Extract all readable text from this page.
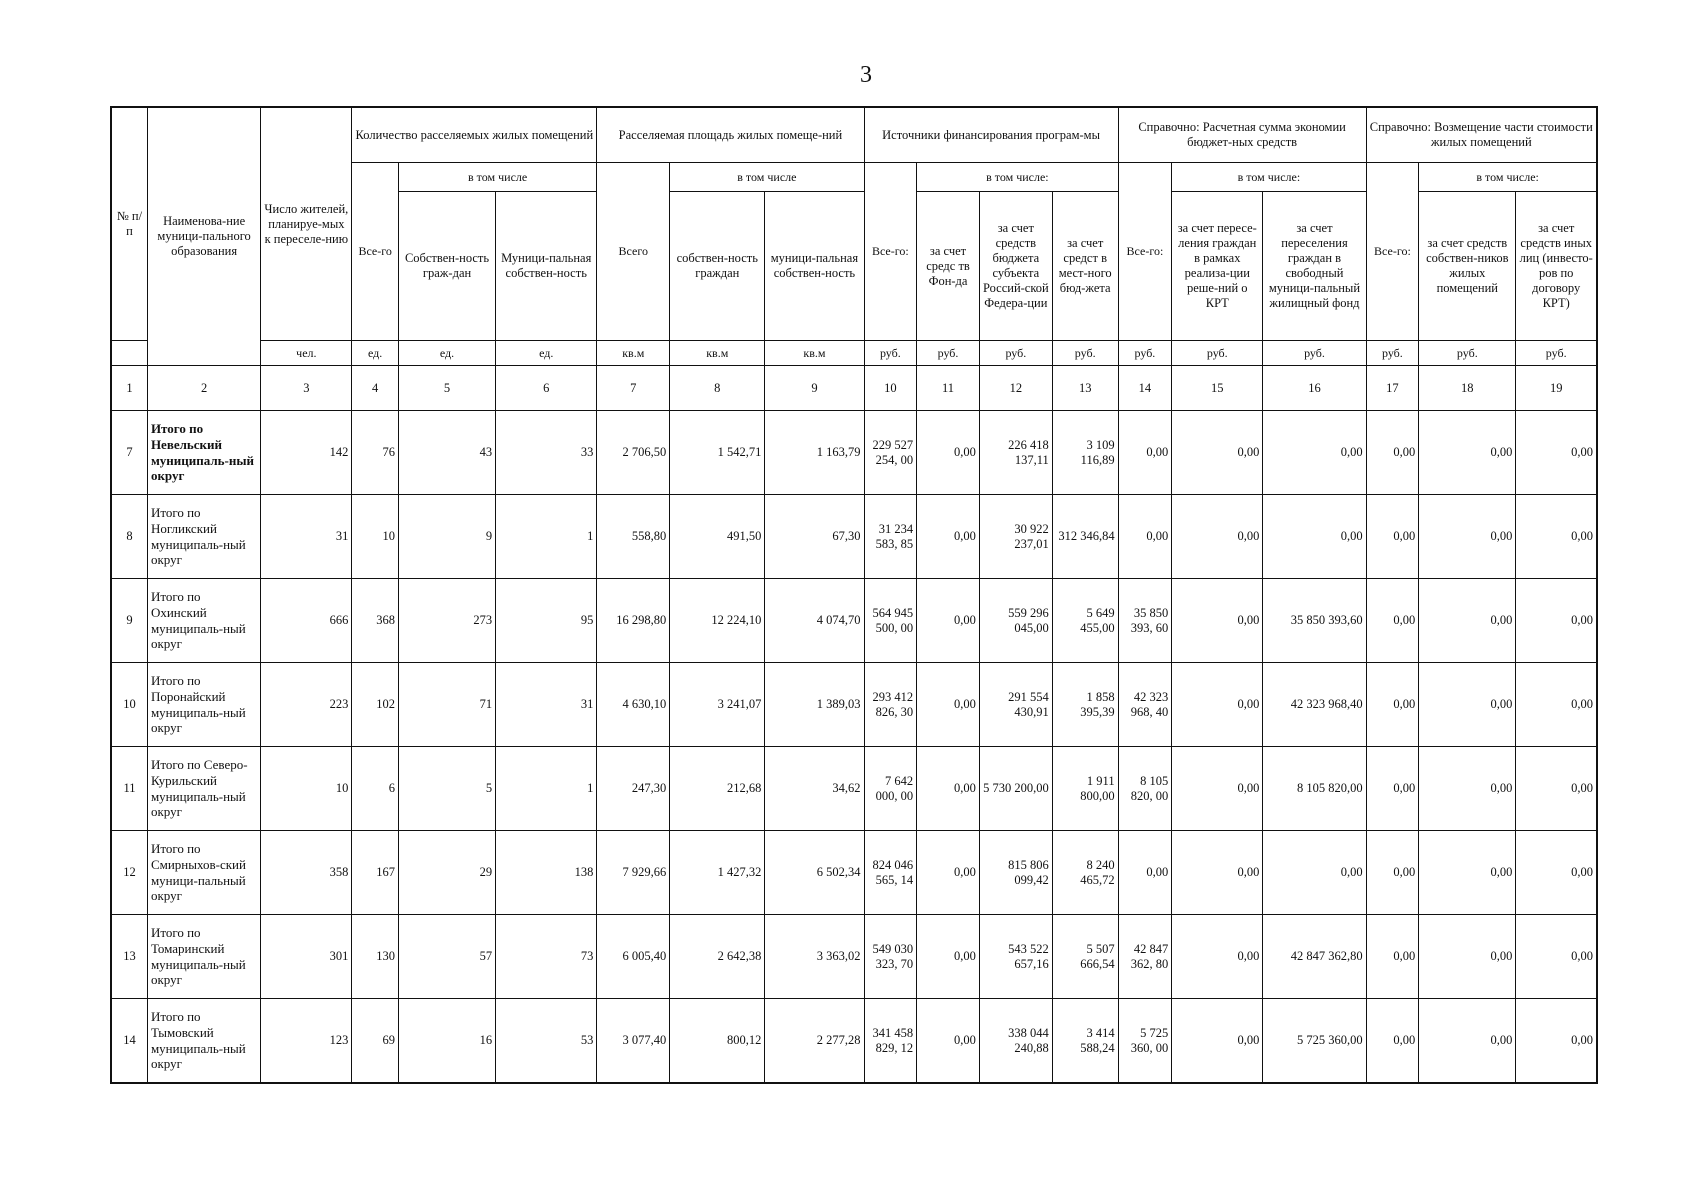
3
№ п/ п	Наименова-ние муници-пального образования	Число жителей, планируе-мых к переселе-нию	Количество расселяемых жилых помещений			Расселяемая площадь жилых помеще-ний			Источники финансирования програм-мы				Справочно: Расчетная сумма экономии бюджет-ных средств			Справочно: Возмещение части стоимости жилых помещений		
			Все-го	в том числе		Всего	в том числе		Все-го:	в том числе:			Все-го:	в том числе:		Все-го:	в том числе:	
				Собствен-ность граж-дан	Муници-пальная собствен-ность		собствен-ность граждан	муници-пальная собствен-ность		за счет средс тв Фон-да	за счет средств бюджета субъекта Россий-ской Федера-ции	за счет средст в мест-ного бюд-жета		за счет пересе-ления граждан в рамках реализа-ции реше-ний о КРТ	за счет переселения граждан в свободный муници-пальный жилищный фонд		за счет средств собствен-ников жилых помещений	за счет средств иных лиц (инвесто-ров по договору КРТ)
		чел.	ед.	ед.	ед.	кв.м	кв.м	кв.м	руб.	руб.	руб.	руб.	руб.	руб.	руб.	руб.	руб.	руб.
1	2	3	4	5	6	7	8	9	10	11	12	13	14	15	16	17	18	19
7	Итого по Невельский муниципаль-ный округ	142	76	43	33	2 706,50	1 542,71	1 163,79	229 527 254, 00	0,00	226 418 137,11	3 109 116,89	0,00	0,00	0,00	0,00	0,00	0,00
8	Итого по Ногликский муниципаль-ный округ	31	10	9	1	558,80	491,50	67,30	31 234 583, 85	0,00	30 922 237,01	312 346,84	0,00	0,00	0,00	0,00	0,00	0,00
9	Итого по Охинский муниципаль-ный округ	666	368	273	95	16 298,80	12 224,10	4 074,70	564 945 500, 00	0,00	559 296 045,00	5 649 455,00	35 850 393, 60	0,00	35 850 393,60	0,00	0,00	0,00
10	Итого по Поронайский муниципаль-ный округ	223	102	71	31	4 630,10	3 241,07	1 389,03	293 412 826, 30	0,00	291 554 430,91	1 858 395,39	42 323 968, 40	0,00	42 323 968,40	0,00	0,00	0,00
11	Итого по Северо-Курильский муниципаль-ный округ	10	6	5	1	247,30	212,68	34,62	7 642 000, 00	0,00	5 730 200,00	1 911 800,00	8 105 820, 00	0,00	8 105 820,00	0,00	0,00	0,00
12	Итого по Смирныхов-ский муници-пальный округ	358	167	29	138	7 929,66	1 427,32	6 502,34	824 046 565, 14	0,00	815 806 099,42	8 240 465,72	0,00	0,00	0,00	0,00	0,00	0,00
13	Итого по Томаринский муниципаль-ный округ	301	130	57	73	6 005,40	2 642,38	3 363,02	549 030 323, 70	0,00	543 522 657,16	5 507 666,54	42 847 362, 80	0,00	42 847 362,80	0,00	0,00	0,00
14	Итого по Тымовский муниципаль-ный округ	123	69	16	53	3 077,40	800,12	2 277,28	341 458 829, 12	0,00	338 044 240,88	3 414 588,24	5 725 360, 00	0,00	5 725 360,00	0,00	0,00	0,00
